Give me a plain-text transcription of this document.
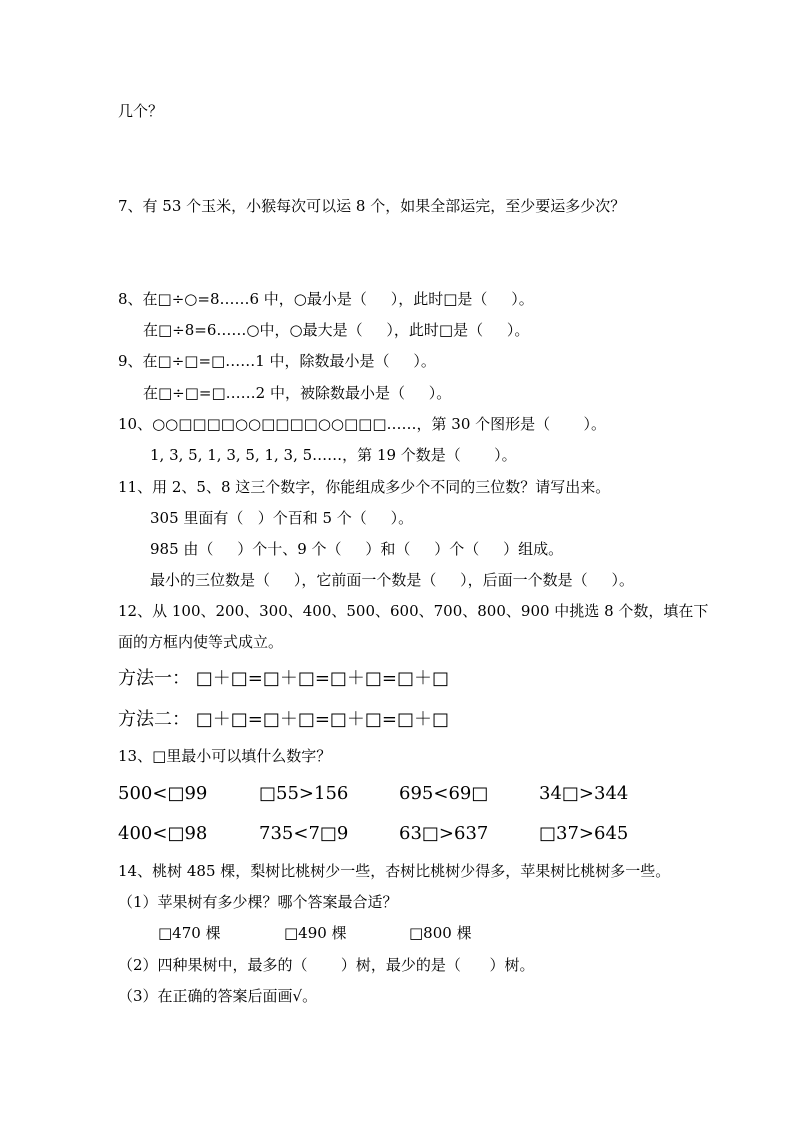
几个？
7、有 53 个玉米，小猴每次可以运 8 个，如果全部运完，至少要运多少次？
8、在□÷○=8……6 中，○最小是（     ），此时□是（     ）。
在□÷8=6……○中，○最大是（     ），此时□是（     ）。
9、在□÷□=□……1 中，除数最小是（     ）。
在□÷□=□……2 中，被除数最小是（     ）。
10、○○□□□□○○□□□□○○□□□……，第 30 个图形是（       ）。
1, 3, 5, 1, 3, 5, 1, 3, 5……，第 19 个数是（       ）。
11、用 2、5、8 这三个数字，你能组成多少个不同的三位数？请写出来。
305 里面有（   ）个百和 5 个（     ）。
985 由（     ）个十、9 个（     ）和（     ）个（     ）组成。
最小的三位数是（     ），它前面一个数是（     ），后面一个数是（     ）。
12、从 100、200、300、400、500、600、700、800、900 中挑选 8 个数，填在下
面的方框内使等式成立。
方法一： □＋□=□＋□=□＋□=□＋□
方法二： □＋□=□＋□=□＋□=□＋□
13、□里最小可以填什么数字？
500<□99	□55>156	695<69□	34□>344
400<□98	735<7□9	63□>637	□37>645
14、桃树 485 棵，梨树比桃树少一些，杏树比桃树少得多，苹果树比桃树多一些。
（1）苹果树有多少棵？哪个答案最合适？
□470 棵	□490 棵	□800 棵
（2）四种果树中，最多的（       ）树，最少的是（      ）树。
（3）在正确的答案后面画√。
